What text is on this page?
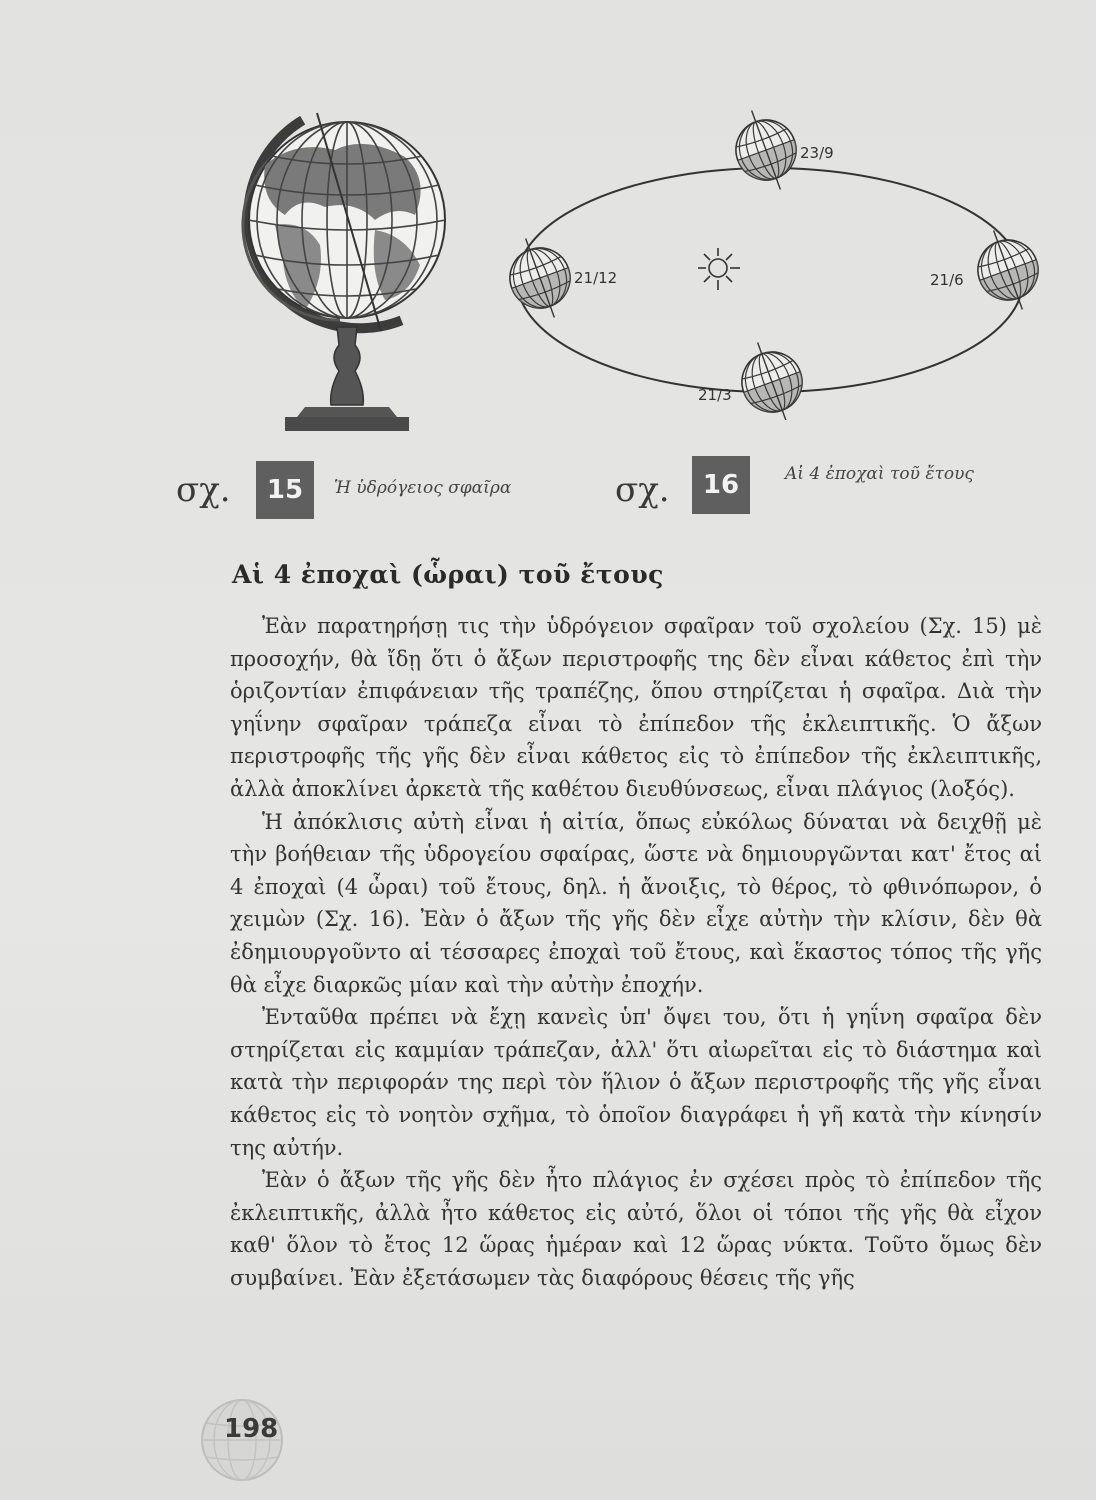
23/9
21/12	21/6
21/3
σχ.	15	Ἡ ὑδρόγειος σφαῖρα	σχ.	16	Αἱ 4 ἐποχαὶ τοῦ ἔτους
Αἱ 4 ἐποχαὶ (ὧραι) τοῦ ἔτους

Ἐὰν παρατηρήσῃ τις τὴν ὑδρόγειον σφαῖραν τοῦ σχολείου (Σχ. 15) μὲ προσοχήν, θὰ ἴδῃ ὅτι ὁ ἄξων περιστροφῆς της δὲν εἶναι κάθετος ἐπὶ τὴν ὁριζοντίαν ἐπιφάνειαν τῆς τραπέζης, ὅπου στηρίζεται ἡ σφαῖρα. Διὰ τὴν γηΐνην σφαῖραν τράπεζα εἶναι τὸ ἐπίπεδον τῆς ἐκλειπτικῆς. Ὁ ἄξων περιστροφῆς τῆς γῆς δὲν εἶναι κάθετος εἰς τὸ ἐπίπεδον τῆς ἐκλειπτικῆς, ἀλλὰ ἀποκλίνει ἀρκετὰ τῆς καθέτου διευθύνσεως, εἶναι πλάγιος (λοξός).

Ἡ ἀπόκλισις αὐτὴ εἶναι ἡ αἰτία, ὅπως εὐκόλως δύναται νὰ δειχθῇ μὲ τὴν βοήθειαν τῆς ὑδρογείου σφαίρας, ὥστε νὰ δημιουργῶνται κατ' ἔτος αἱ 4 ἐποχαὶ (4 ὧραι) τοῦ ἔτους, δηλ. ἡ ἄνοιξις, τὸ θέρος, τὸ φθινόπωρον, ὁ χειμὼν (Σχ. 16). Ἐὰν ὁ ἄξων τῆς γῆς δὲν εἶχε αὐτὴν τὴν κλίσιν, δὲν θὰ ἐδημιουργοῦντο αἱ τέσσαρες ἐποχαὶ τοῦ ἔτους, καὶ ἕκαστος τόπος τῆς γῆς θὰ εἶχε διαρκῶς μίαν καὶ τὴν αὐτὴν ἐποχήν.

Ἐνταῦθα πρέπει νὰ ἔχῃ κανεὶς ὑπ' ὄψει του, ὅτι ἡ γηΐνη σφαῖρα δὲν στηρίζεται εἰς καμμίαν τράπεζαν, ἀλλ' ὅτι αἰωρεῖται εἰς τὸ διάστημα καὶ κατὰ τὴν περιφοράν της περὶ τὸν ἥλιον ὁ ἄξων περιστροφῆς τῆς γῆς εἶναι κάθετος εἰς τὸ νοητὸν σχῆμα, τὸ ὁποῖον διαγράφει ἡ γῆ κατὰ τὴν κίνησίν της αὐτήν.

Ἐὰν ὁ ἄξων τῆς γῆς δὲν ἦτο πλάγιος ἐν σχέσει πρὸς τὸ ἐπίπεδον τῆς ἐκλειπτικῆς, ἀλλὰ ἦτο κάθετος εἰς αὐτό, ὅλοι οἱ τόποι τῆς γῆς θὰ εἶχον καθ' ὅλον τὸ ἔτος 12 ὥρας ἡμέραν καὶ 12 ὥρας νύκτα. Τοῦτο ὅμως δὲν συμβαίνει. Ἐὰν ἐξετάσωμεν τὰς διαφόρους θέσεις τῆς γῆς

198
